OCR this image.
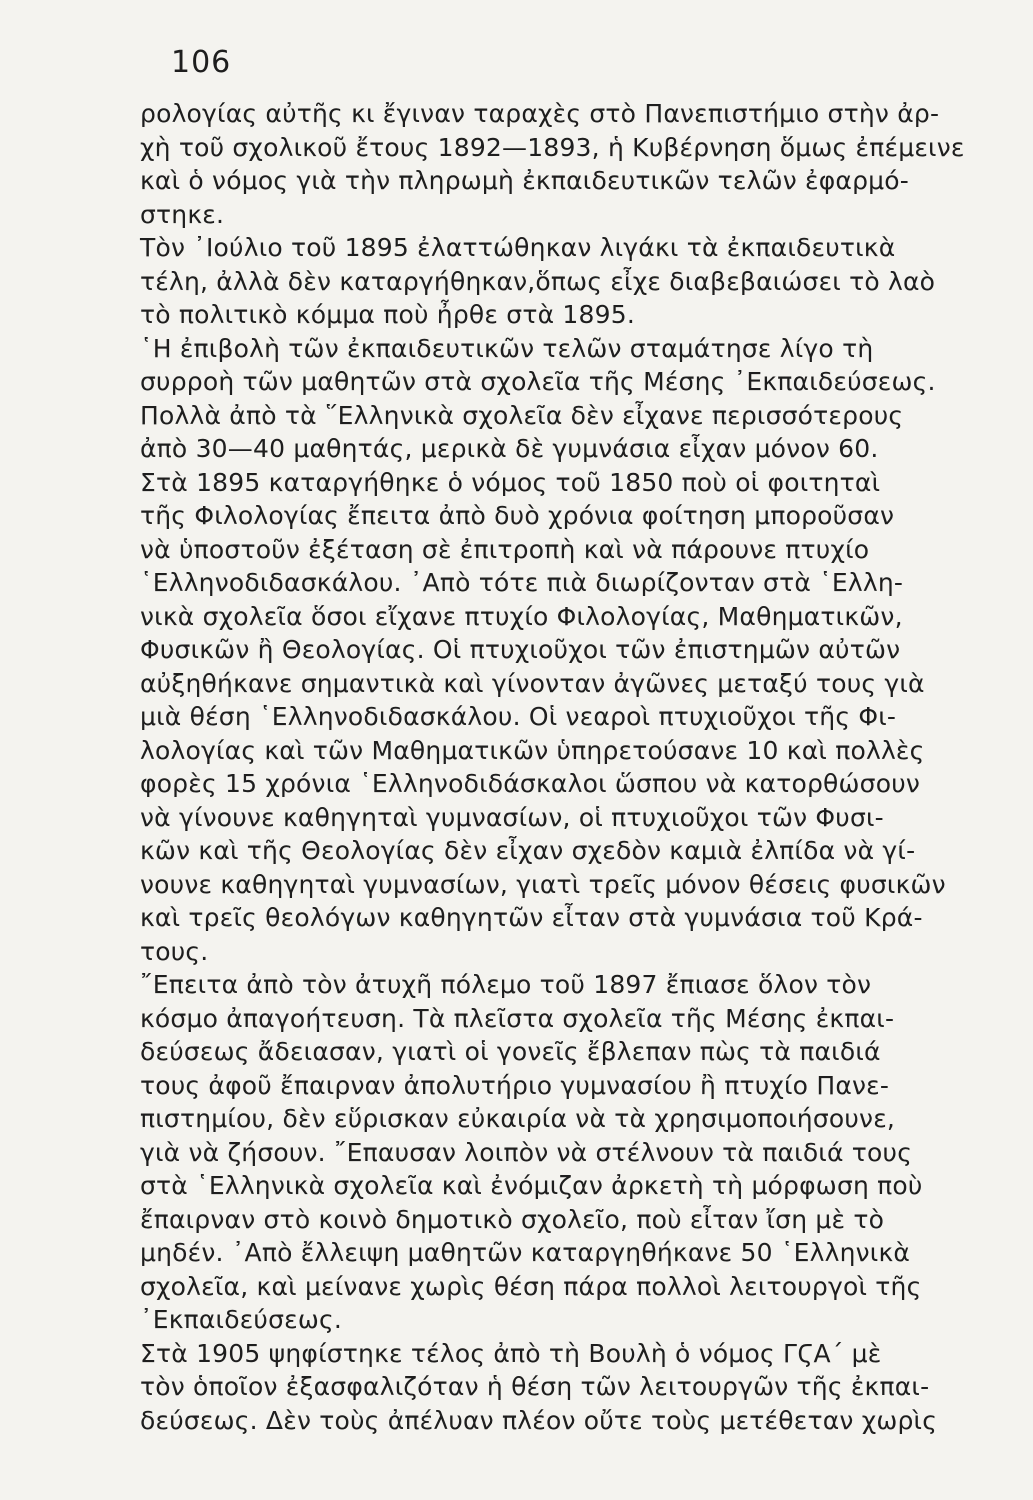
106
ρολογίας αὐτῆς κι ἔγιναν ταραχὲς στὸ Πανεπιστήμιο στὴν ἀρ-
χὴ τοῦ σχολικοῦ ἔτους 1892—1893, ἡ Κυβέρνηση ὅμως ἐπέμεινε
καὶ ὁ νόμος γιὰ τὴν πληρωμὴ ἐκπαιδευτικῶν τελῶν ἐφαρμό-
στηκε.
Τὸν ᾽Ιούλιο τοῦ 1895 ἐλαττώθηκαν λιγάκι τὰ ἐκπαιδευτικὰ
τέλη, ἀλλὰ δὲν καταργήθηκαν,ὅπως εἶχε διαβεβαιώσει τὸ λαὸ
τὸ πολιτικὸ κόμμα ποὺ ἦρθε στὰ 1895.
῾Η ἐπιβολὴ τῶν ἐκπαιδευτικῶν τελῶν σταμάτησε λίγο τὴ
συρροὴ τῶν μαθητῶν στὰ σχολεῖα τῆς Μέσης ᾽Εκπαιδεύσεως.
Πολλὰ ἀπὸ τὰ ῞Ελληνικὰ σχολεῖα δὲν εἶχανε περισσότερους
ἀπὸ 30—40 μαθητάς, μερικὰ δὲ γυμνάσια εἶχαν μόνον 60.
Στὰ 1895 καταργήθηκε ὁ νόμος τοῦ 1850 ποὺ οἱ φοιτηταὶ
τῆς Φιλολογίας ἔπειτα ἀπὸ δυὸ χρόνια φοίτηση μποροῦσαν
νὰ ὑποστοῦν ἐξέταση σὲ ἐπιτροπὴ καὶ νὰ πάρουνε πτυχίο
῾Ελληνοδιδασκάλου. ᾽Απὸ τότε πιὰ διωρίζονταν στὰ ῾Ελλη-
νικὰ σχολεῖα ὅσοι εἴχανε πτυχίο Φιλολογίας, Μαθηματικῶν,
Φυσικῶν ἢ Θεολογίας. Οἱ πτυχιοῦχοι τῶν ἐπιστημῶν αὐτῶν
αὐξηθήκανε σημαντικὰ καὶ γίνονταν ἀγῶνες μεταξύ τους γιὰ
μιὰ θέση ῾Ελληνοδιδασκάλου. Οἱ νεαροὶ πτυχιοῦχοι τῆς Φι-
λολογίας καὶ τῶν Μαθηματικῶν ὑπηρετούσανε 10 καὶ πολλὲς
φορὲς 15 χρόνια ῾Ελληνοδιδάσκαλοι ὥσπου νὰ κατορθώσουν
νὰ γίνουνε καθηγηταὶ γυμνασίων, οἱ πτυχιοῦχοι τῶν Φυσι-
κῶν καὶ τῆς Θεολογίας δὲν εἶχαν σχεδὸν καμιὰ ἐλπίδα νὰ γί-
νουνε καθηγηταὶ γυμνασίων, γιατὶ τρεῖς μόνον θέσεις φυσικῶν
καὶ τρεῖς θεολόγων καθηγητῶν εἶταν στὰ γυμνάσια τοῦ Κρά-
τους.
῎Επειτα ἀπὸ τὸν ἀτυχῆ πόλεμο τοῦ 1897 ἔπιασε ὅλον τὸν
κόσμο ἀπαγοήτευση. Τὰ πλεῖστα σχολεῖα τῆς Μέσης ἐκπαι-
δεύσεως ἄδειασαν, γιατὶ οἱ γονεῖς ἔβλεπαν πὼς τὰ παιδιά
τους ἀφοῦ ἔπαιρναν ἀπολυτήριο γυμνασίου ἢ πτυχίο Πανε-
πιστημίου, δὲν εὕρισκαν εὐκαιρία νὰ τὰ χρησιμοποιήσουνε,
γιὰ νὰ ζήσουν. ῎Επαυσαν λοιπὸν νὰ στέλνουν τὰ παιδιά τους
στὰ ῾Ελληνικὰ σχολεῖα καὶ ἐνόμιζαν ἀρκετὴ τὴ μόρφωση ποὺ
ἔπαιρναν στὸ κοινὸ δημοτικὸ σχολεῖο, ποὺ εἶταν ἴση μὲ τὸ
μηδέν. ᾽Απὸ ἔλλειψη μαθητῶν καταργηθήκανε 50 ῾Ελληνικὰ
σχολεῖα, καὶ μείνανε χωρὶς θέση πάρα πολλοὶ λειτουργοὶ τῆς
᾽Εκπαιδεύσεως.
Στὰ 1905 ψηφίστηκε τέλος ἀπὸ τὴ Βουλὴ ὁ νόμος ΓϚΑ΄ μὲ
τὸν ὁποῖον ἐξασφαλιζόταν ἡ θέση τῶν λειτουργῶν τῆς ἐκπαι-
δεύσεως. Δὲν τοὺς ἀπέλυαν πλέον οὔτε τοὺς μετέθεταν χωρὶς
